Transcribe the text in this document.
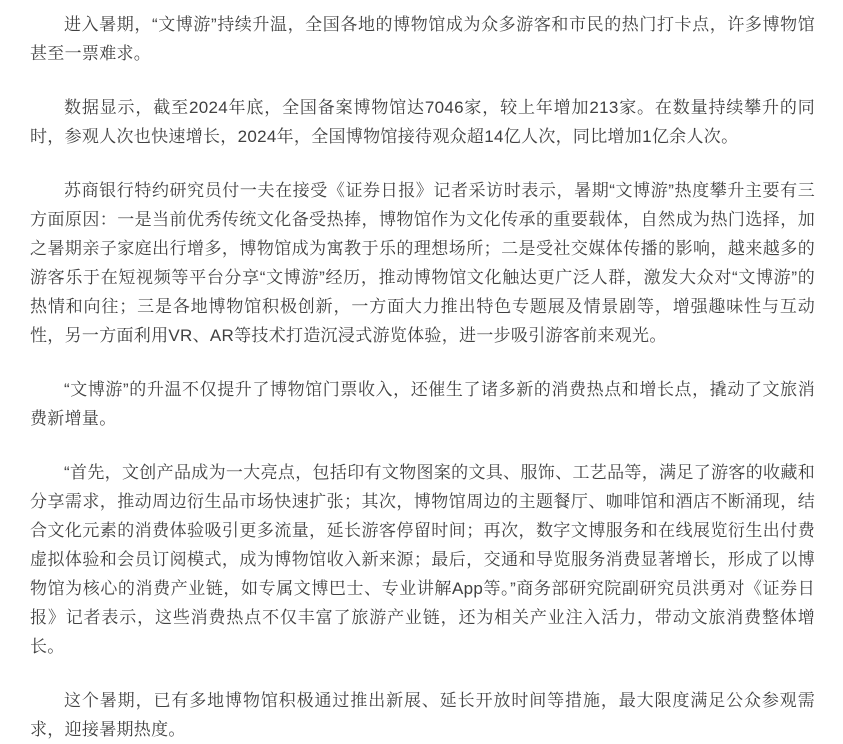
进入暑期，“文博游”持续升温，全国各地的博物馆成为众多游客和市民的热门打卡点，许多博物馆甚至一票难求。

数据显示，截至2024年底，全国备案博物馆达7046家，较上年增加213家。在数量持续攀升的同时，参观人次也快速增长，2024年，全国博物馆接待观众超14亿人次，同比增加1亿余人次。

苏商银行特约研究员付一夫在接受《证券日报》记者采访时表示，暑期“文博游”热度攀升主要有三方面原因：一是当前优秀传统文化备受热捧，博物馆作为文化传承的重要载体，自然成为热门选择，加之暑期亲子家庭出行增多，博物馆成为寓教于乐的理想场所；二是受社交媒体传播的影响，越来越多的游客乐于在短视频等平台分享“文博游”经历，推动博物馆文化触达更广泛人群，激发大众对“文博游”的热情和向往；三是各地博物馆积极创新，一方面大力推出特色专题展及情景剧等，增强趣味性与互动性，另一方面利用VR、AR等技术打造沉浸式游览体验，进一步吸引游客前来观光。

“文博游”的升温不仅提升了博物馆门票收入，还催生了诸多新的消费热点和增长点，撬动了文旅消费新增量。

“首先，文创产品成为一大亮点，包括印有文物图案的文具、服饰、工艺品等，满足了游客的收藏和分享需求，推动周边衍生品市场快速扩张；其次，博物馆周边的主题餐厅、咖啡馆和酒店不断涌现，结合文化元素的消费体验吸引更多流量，延长游客停留时间；再次，数字文博服务和在线展览衍生出付费虚拟体验和会员订阅模式，成为博物馆收入新来源；最后，交通和导览服务消费显著增长，形成了以博物馆为核心的消费产业链，如专属文博巴士、专业讲解App等。”商务部研究院副研究员洪勇对《证券日报》记者表示，这些消费热点不仅丰富了旅游产业链，还为相关产业注入活力，带动文旅消费整体增长。

这个暑期，已有多地博物馆积极通过推出新展、延长开放时间等措施，最大限度满足公众参观需求，迎接暑期热度。
